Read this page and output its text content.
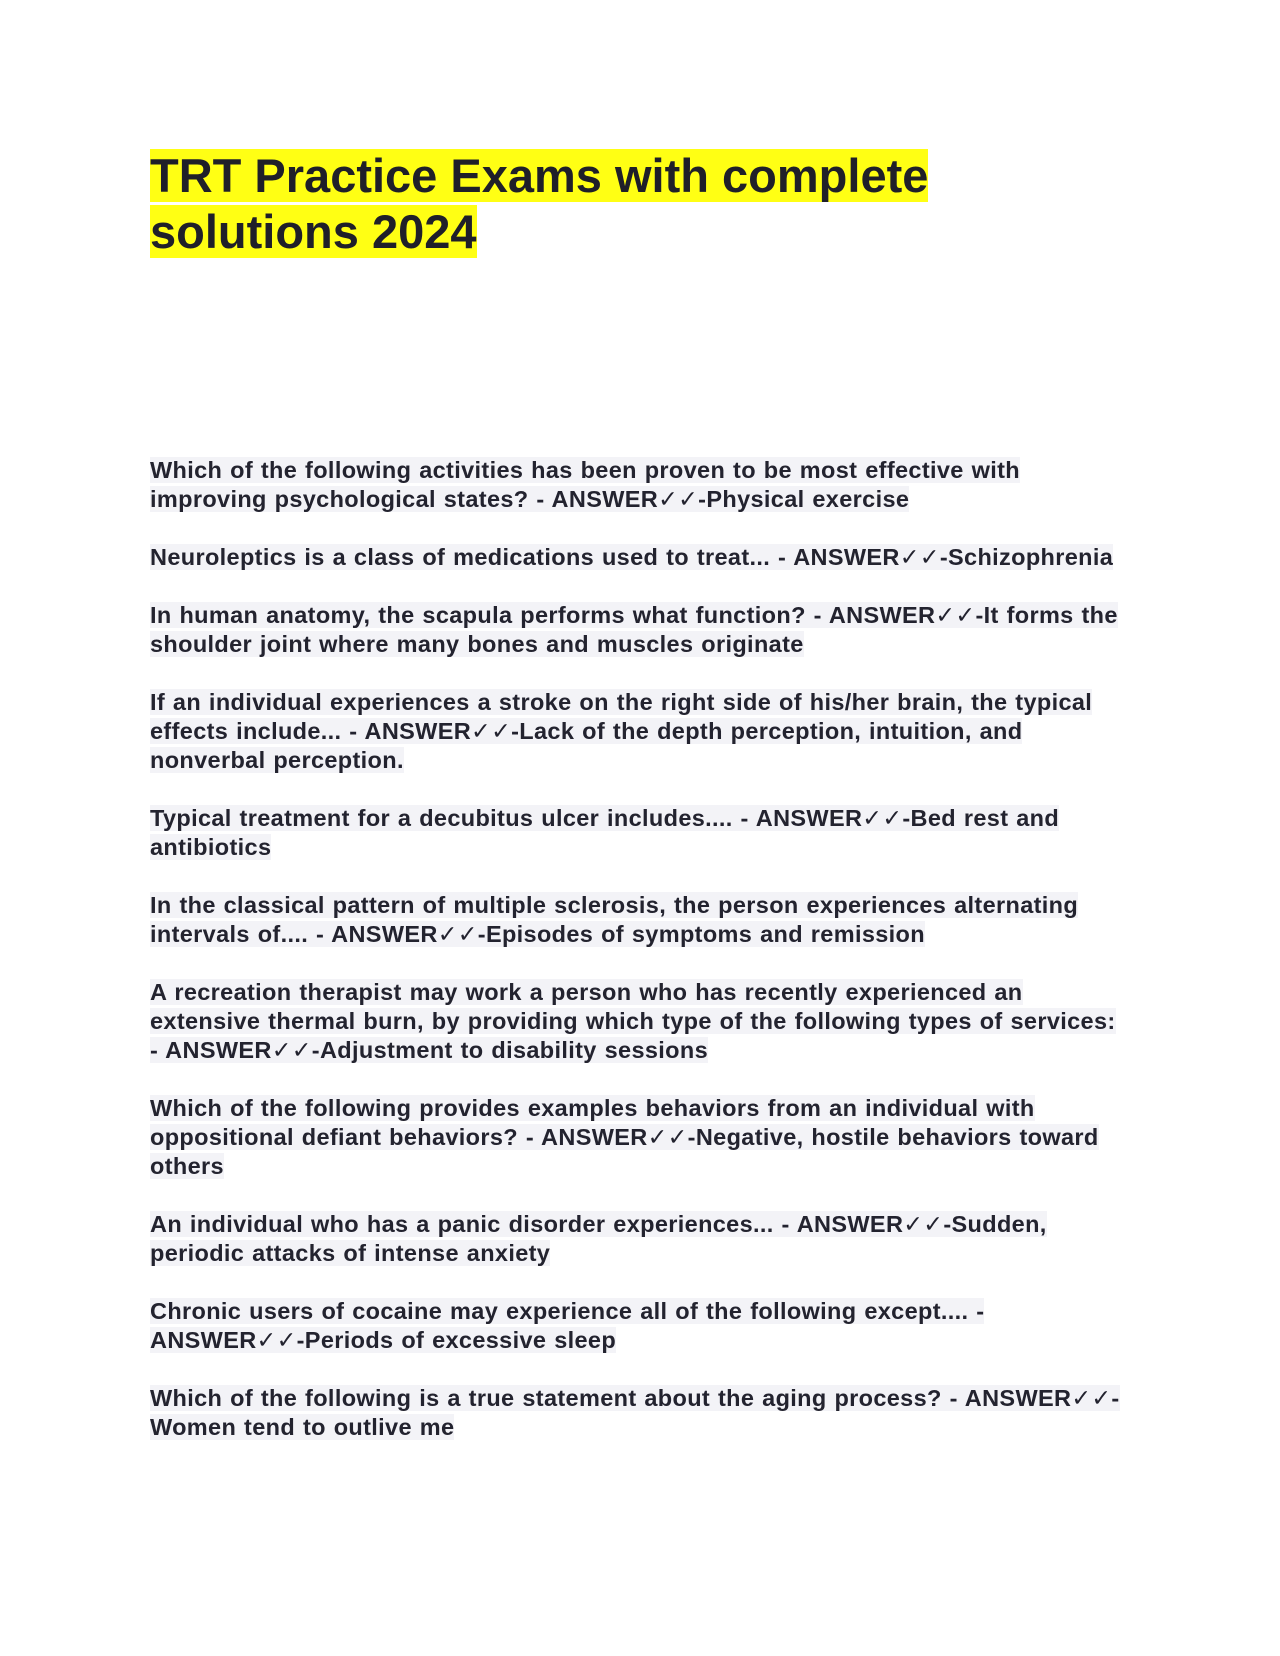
TRT Practice Exams with complete solutions 2024

Which of the following activities has been proven to be most effective with improving psychological states? - ANSWER✓✓-Physical exercise

Neuroleptics is a class of medications used to treat... - ANSWER✓✓-Schizophrenia

In human anatomy, the scapula performs what function? - ANSWER✓✓-It forms the shoulder joint where many bones and muscles originate

If an individual experiences a stroke on the right side of his/her brain, the typical effects include... - ANSWER✓✓-Lack of the depth perception, intuition, and nonverbal perception.

Typical treatment for a decubitus ulcer includes.... - ANSWER✓✓-Bed rest and antibiotics

In the classical pattern of multiple sclerosis, the person experiences alternating intervals of.... - ANSWER✓✓-Episodes of symptoms and remission

A recreation therapist may work a person who has recently experienced an extensive thermal burn, by providing which type of the following types of services: - ANSWER✓✓-Adjustment to disability sessions

Which of the following provides examples behaviors from an individual with oppositional defiant behaviors? - ANSWER✓✓-Negative, hostile behaviors toward others

An individual who has a panic disorder experiences... - ANSWER✓✓-Sudden, periodic attacks of intense anxiety

Chronic users of cocaine may experience all of the following except.... - ANSWER✓✓-Periods of excessive sleep

Which of the following is a true statement about the aging process? - ANSWER✓✓-Women tend to outlive me
